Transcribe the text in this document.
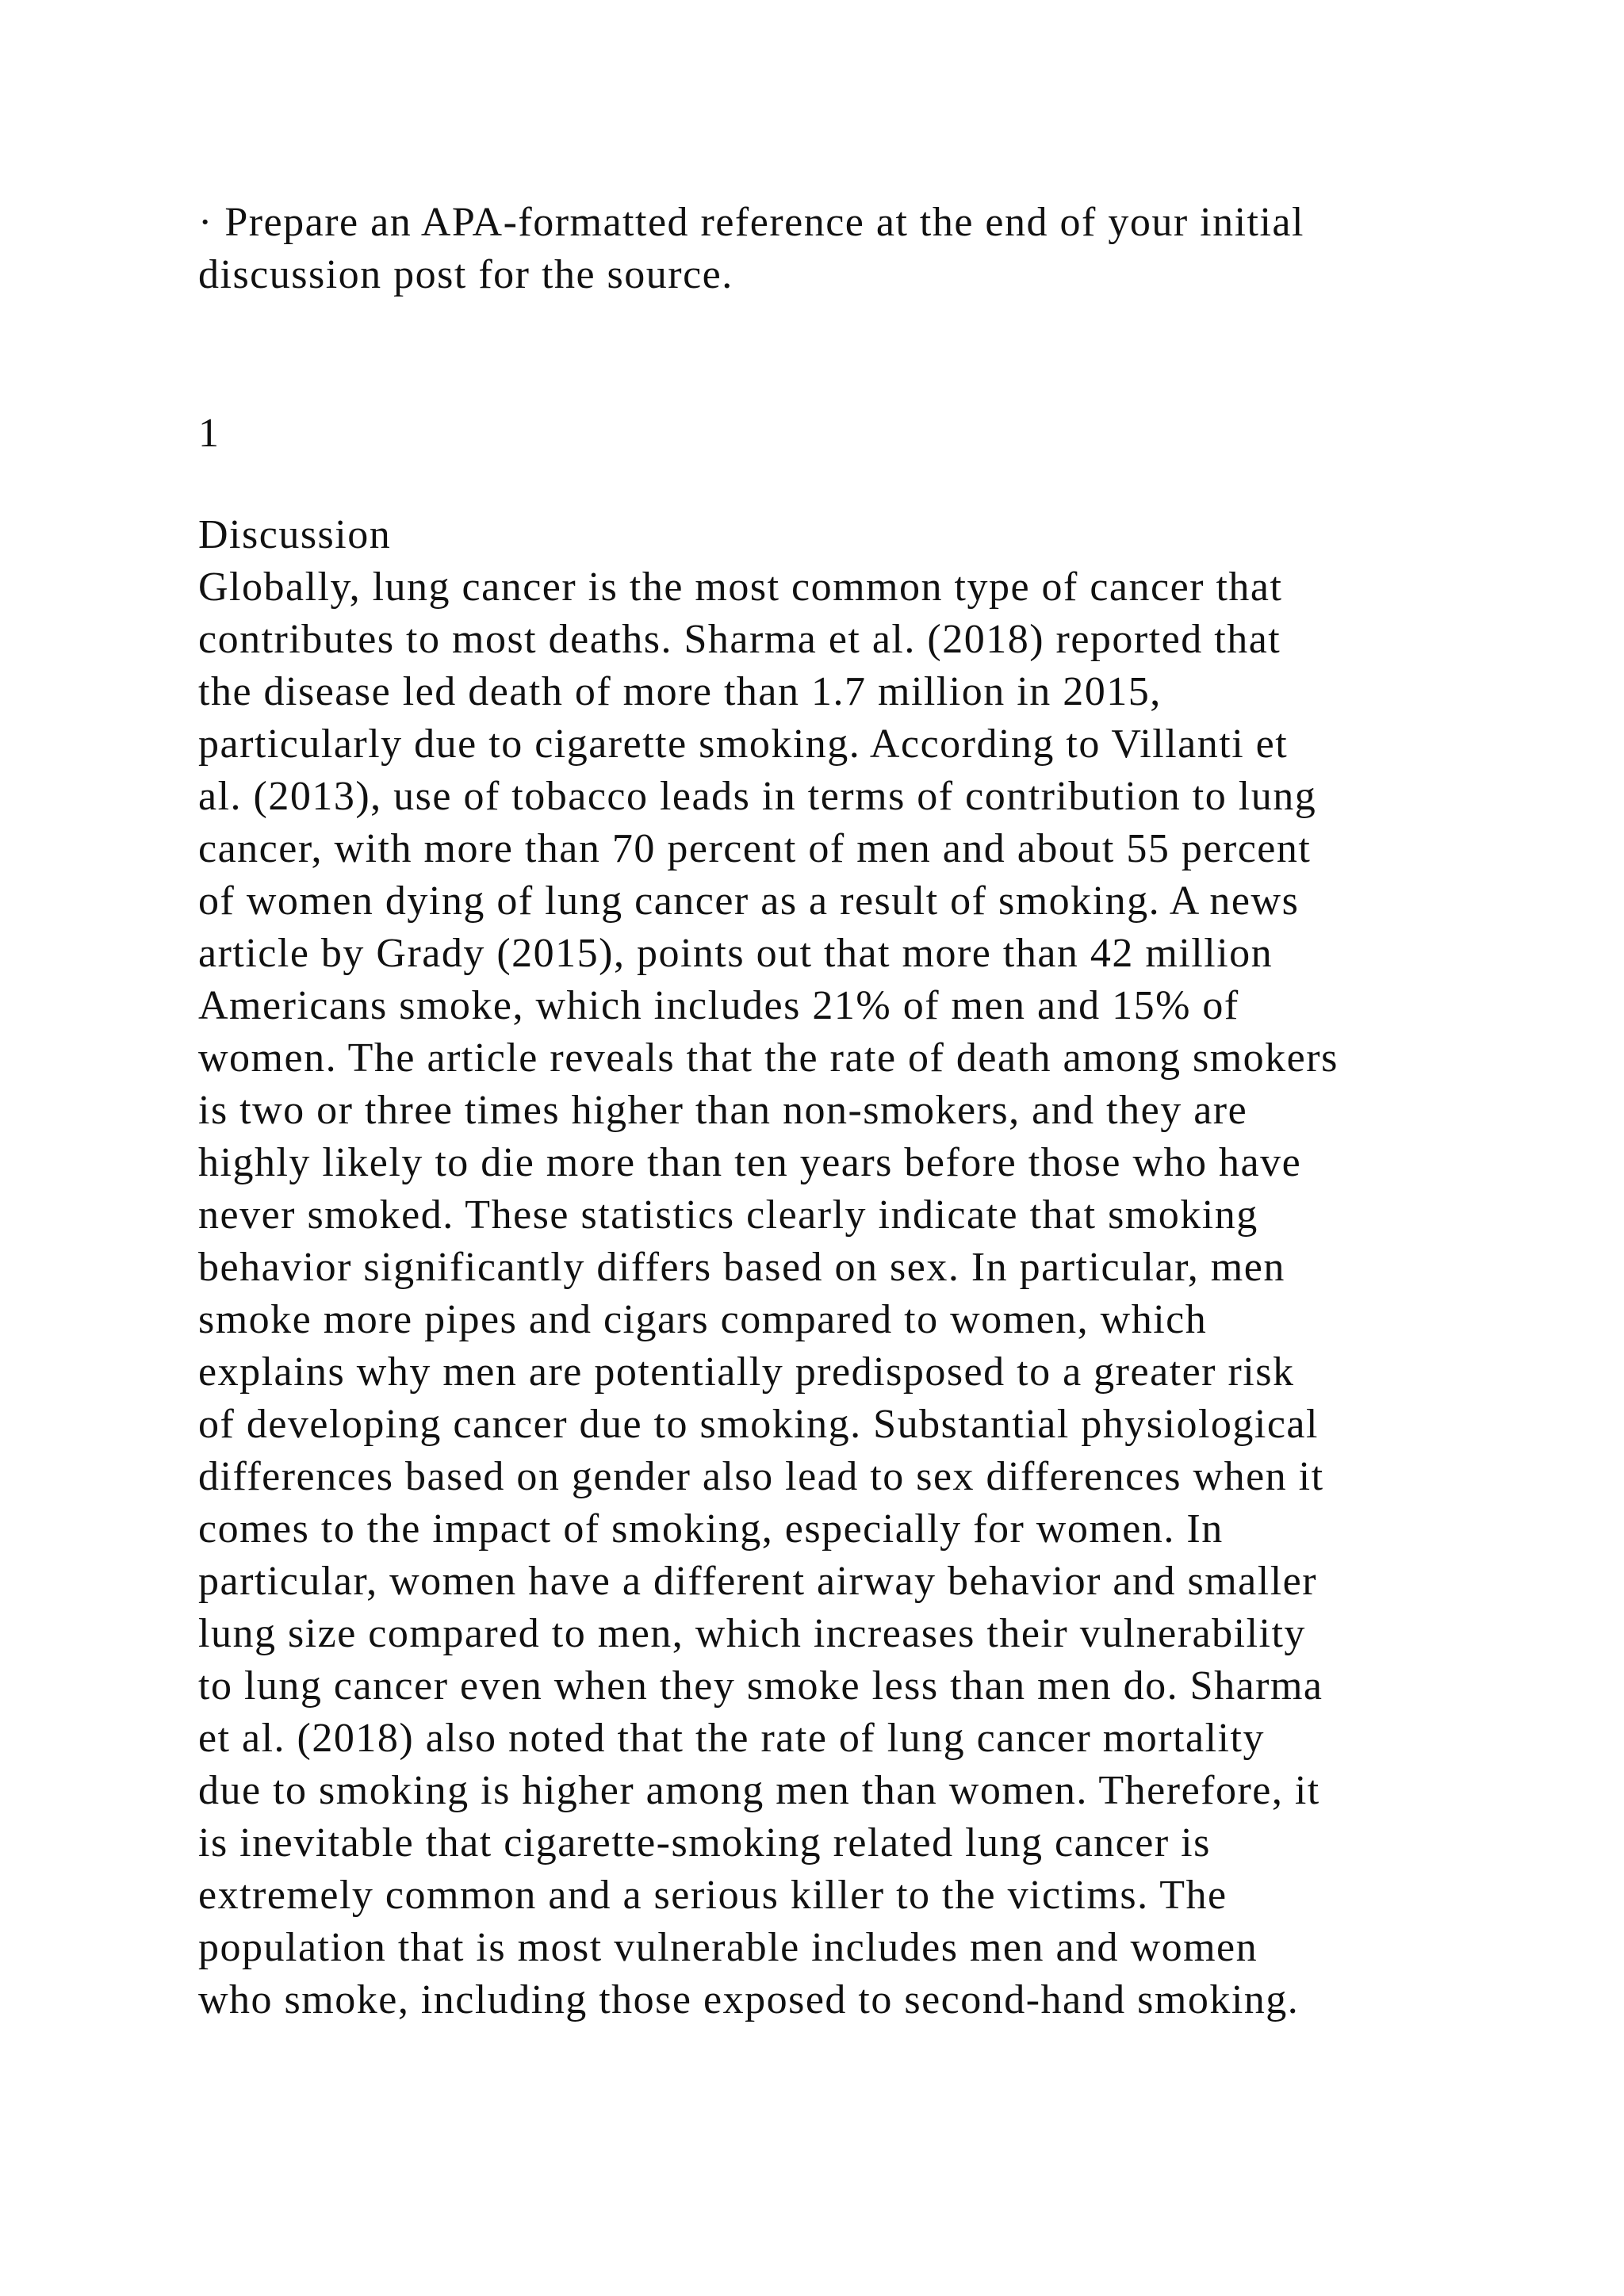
· Prepare an APA-formatted reference at the end of your initial
discussion post for the source.
1
Discussion
Globally, lung cancer is the most common type of cancer that
contributes to most deaths. Sharma et al. (2018) reported that
the disease led death of more than 1.7 million in 2015,
particularly due to cigarette smoking. According to Villanti et
al. (2013), use of tobacco leads in terms of contribution to lung
cancer, with more than 70 percent of men and about 55 percent
of women dying of lung cancer as a result of smoking. A news
article by Grady (2015), points out that more than 42 million
Americans smoke, which includes 21% of men and 15% of
women. The article reveals that the rate of death among smokers
is two or three times higher than non-smokers, and they are
highly likely to die more than ten years before those who have
never smoked. These statistics clearly indicate that smoking
behavior significantly differs based on sex. In particular, men
smoke more pipes and cigars compared to women, which
explains why men are potentially predisposed to a greater risk
of developing cancer due to smoking. Substantial physiological
differences based on gender also lead to sex differences when it
comes to the impact of smoking, especially for women. In
particular, women have a different airway behavior and smaller
lung size compared to men, which increases their vulnerability
to lung cancer even when they smoke less than men do. Sharma
et al. (2018) also noted that the rate of lung cancer mortality
due to smoking is higher among men than women. Therefore, it
is inevitable that cigarette-smoking related lung cancer is
extremely common and a serious killer to the victims. The
population that is most vulnerable includes men and women
who smoke, including those exposed to second-hand smoking.
